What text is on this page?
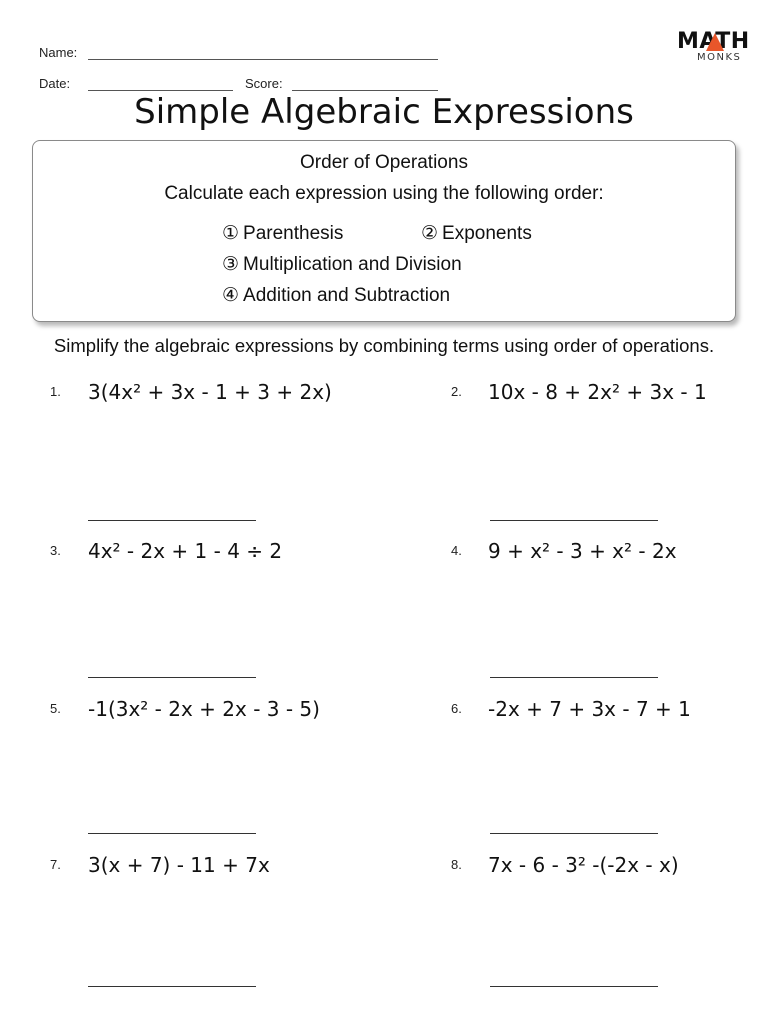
Name:
Date:	Score:
MATH
MONKS
Simple Algebraic Expressions
Order of Operations
Calculate each expression using the following order:
① Parenthesis	② Exponents
③ Multiplication and Division
④ Addition and Subtraction
Simplify the algebraic expressions by combining terms using order of operations.
1. 3(4x² + 3x - 1 + 3 + 2x)	2. 10x - 8 + 2x² + 3x - 1
3. 4x² - 2x + 1 - 4 ÷ 2	4. 9 + x² - 3 + x² - 2x
5. -1(3x² - 2x + 2x - 3 - 5)	6. -2x + 7 + 3x - 7 + 1
7. 3(x + 7) - 11 + 7x	8. 7x - 6 - 3² -(-2x - x)
